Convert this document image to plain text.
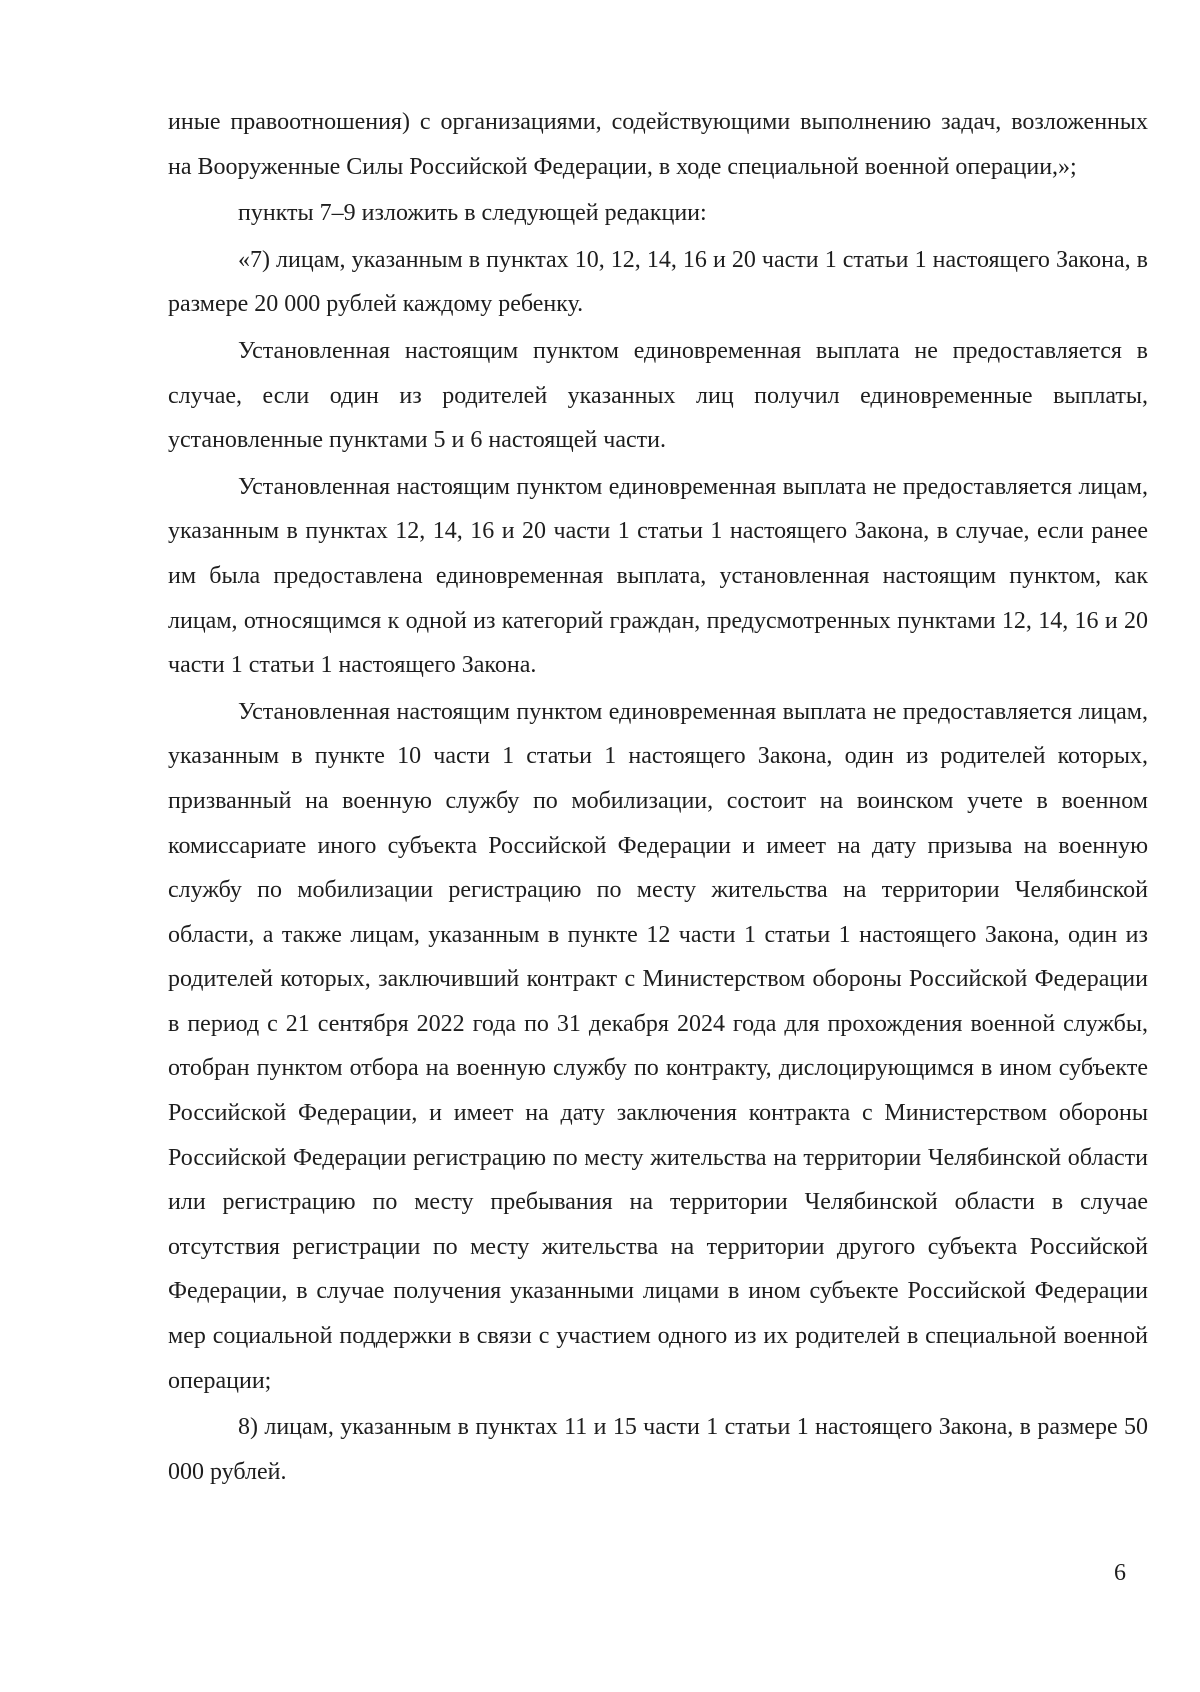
иные правоотношения) с организациями, содействующими выполнению задач, возложенных на Вооруженные Силы Российской Федерации, в ходе специальной военной операции,»;

пункты 7–9 изложить в следующей редакции:

«7) лицам, указанным в пунктах 10, 12, 14, 16 и 20 части 1 статьи 1 настоящего Закона, в размере 20 000 рублей каждому ребенку.

Установленная настоящим пунктом единовременная выплата не предоставляется в случае, если один из родителей указанных лиц получил единовременные выплаты, установленные пунктами 5 и 6 настоящей части.

Установленная настоящим пунктом единовременная выплата не предоставляется лицам, указанным в пунктах 12, 14, 16 и 20 части 1 статьи 1 настоящего Закона, в случае, если ранее им была предоставлена единовременная выплата, установленная настоящим пунктом, как лицам, относящимся к одной из категорий граждан, предусмотренных пунктами 12, 14, 16 и 20 части 1 статьи 1 настоящего Закона.

Установленная настоящим пунктом единовременная выплата не предоставляется лицам, указанным в пункте 10 части 1 статьи 1 настоящего Закона, один из родителей которых, призванный на военную службу по мобилизации, состоит на воинском учете в военном комиссариате иного субъекта Российской Федерации и имеет на дату призыва на военную службу по мобилизации регистрацию по месту жительства на территории Челябинской области, а также лицам, указанным в пункте 12 части 1 статьи 1 настоящего Закона, один из родителей которых, заключивший контракт с Министерством обороны Российской Федерации в период с 21 сентября 2022 года по 31 декабря 2024 года для прохождения военной службы, отобран пунктом отбора на военную службу по контракту, дислоцирующимся в ином субъекте Российской Федерации, и имеет на дату заключения контракта с Министерством обороны Российской Федерации регистрацию по месту жительства на территории Челябинской области или регистрацию по месту пребывания на территории Челябинской области в случае отсутствия регистрации по месту жительства на территории другого субъекта Российской Федерации, в случае получения указанными лицами в ином субъекте Российской Федерации мер социальной поддержки в связи с участием одного из их родителей в специальной военной операции;

8) лицам, указанным в пунктах 11 и 15 части 1 статьи 1 настоящего Закона, в размере 50 000 рублей.

6
